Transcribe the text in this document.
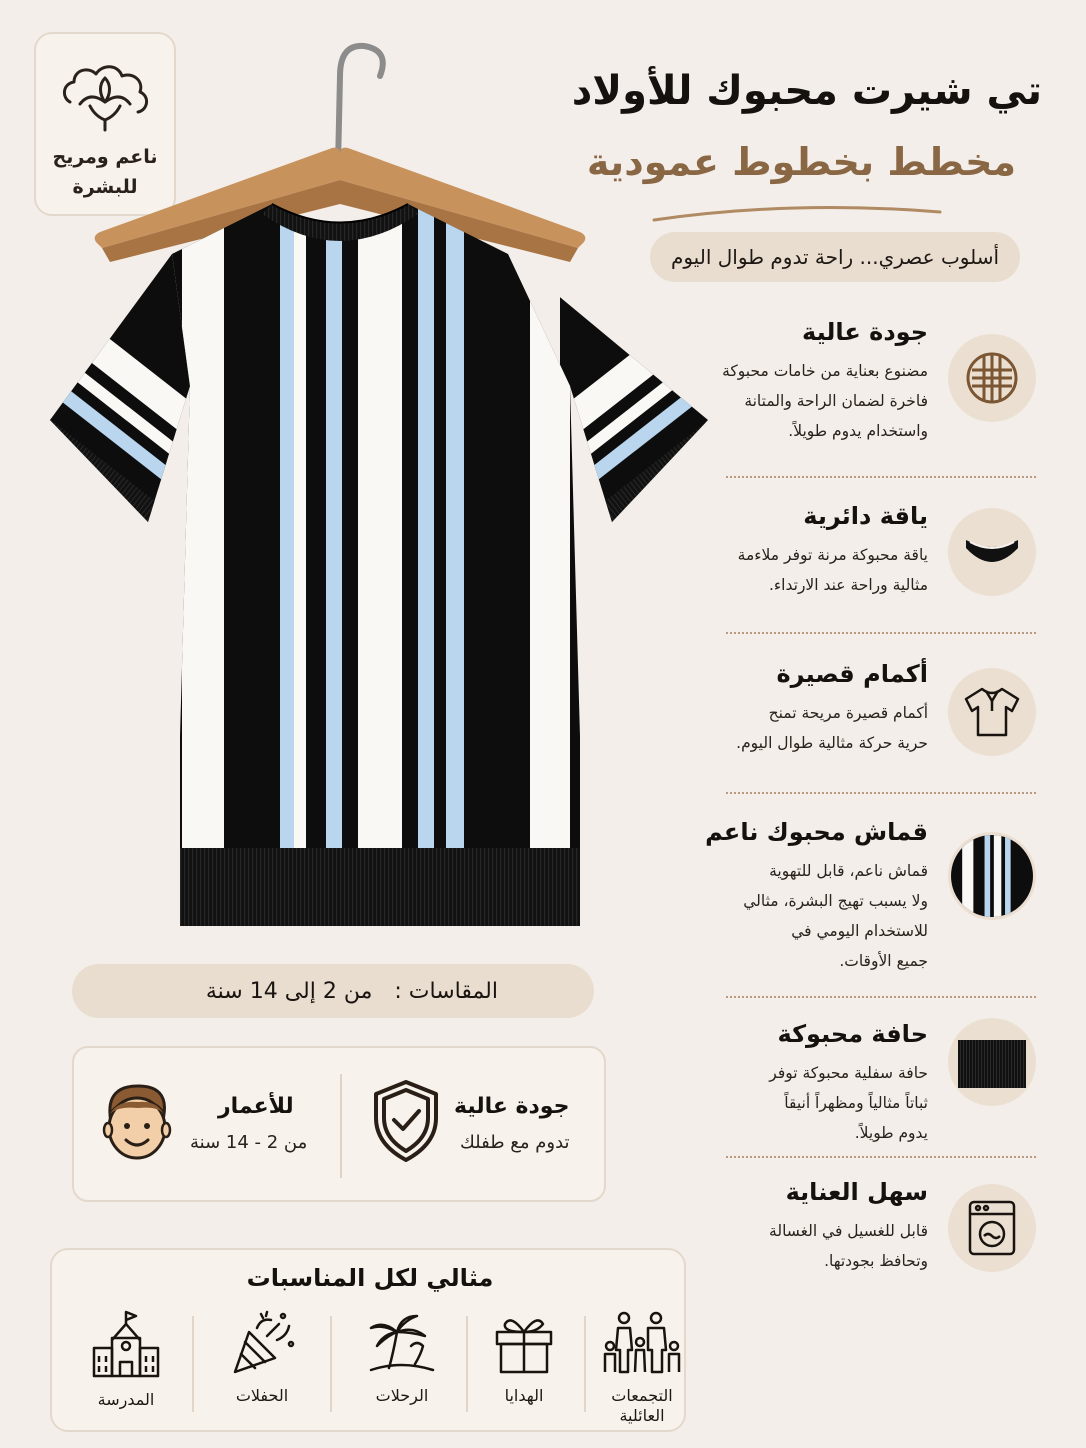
ناعم ومريح
للبشرة
تي شيرت محبوك للأولاد
مخطط بخطوط عمودية
أسلوب عصري... راحة تدوم طوال اليوم
جودة عالية

مضنوع بعناية من خامات محبوكة
فاخرة لضمان الراحة والمتانة
واستخدام يدوم طويلاً.

ياقة دائرية

ياقة محبوكة مرنة توفر ملاءمة
مثالية وراحة عند الارتداء.

أكمام قصيرة

أكمام قصيرة مريحة تمنح
حرية حركة مثالية طوال اليوم.

قماش محبوك ناعم

قماش ناعم، قابل للتهوية
ولا يسبب تهيج البشرة، مثالي
للاستخدام اليومي في
جميع الأوقات.

حافة محبوكة

حافة سفلية محبوكة توفر
ثباتاً مثالياً ومظهراً أنيقاً
يدوم طويلاً.

سهل العناية

قابل للغسيل في الغسالة
وتحافظ بجودتها.

المقاسات :
من 2 إلى 14 سنة
جودة عالية
تدوم مع طفلك
للأعمار
من 2 - 14 سنة
مثالي لكل المناسبات
التجمعات
العائلية
الهدايا
الرحلات
الحفلات
المدرسة
